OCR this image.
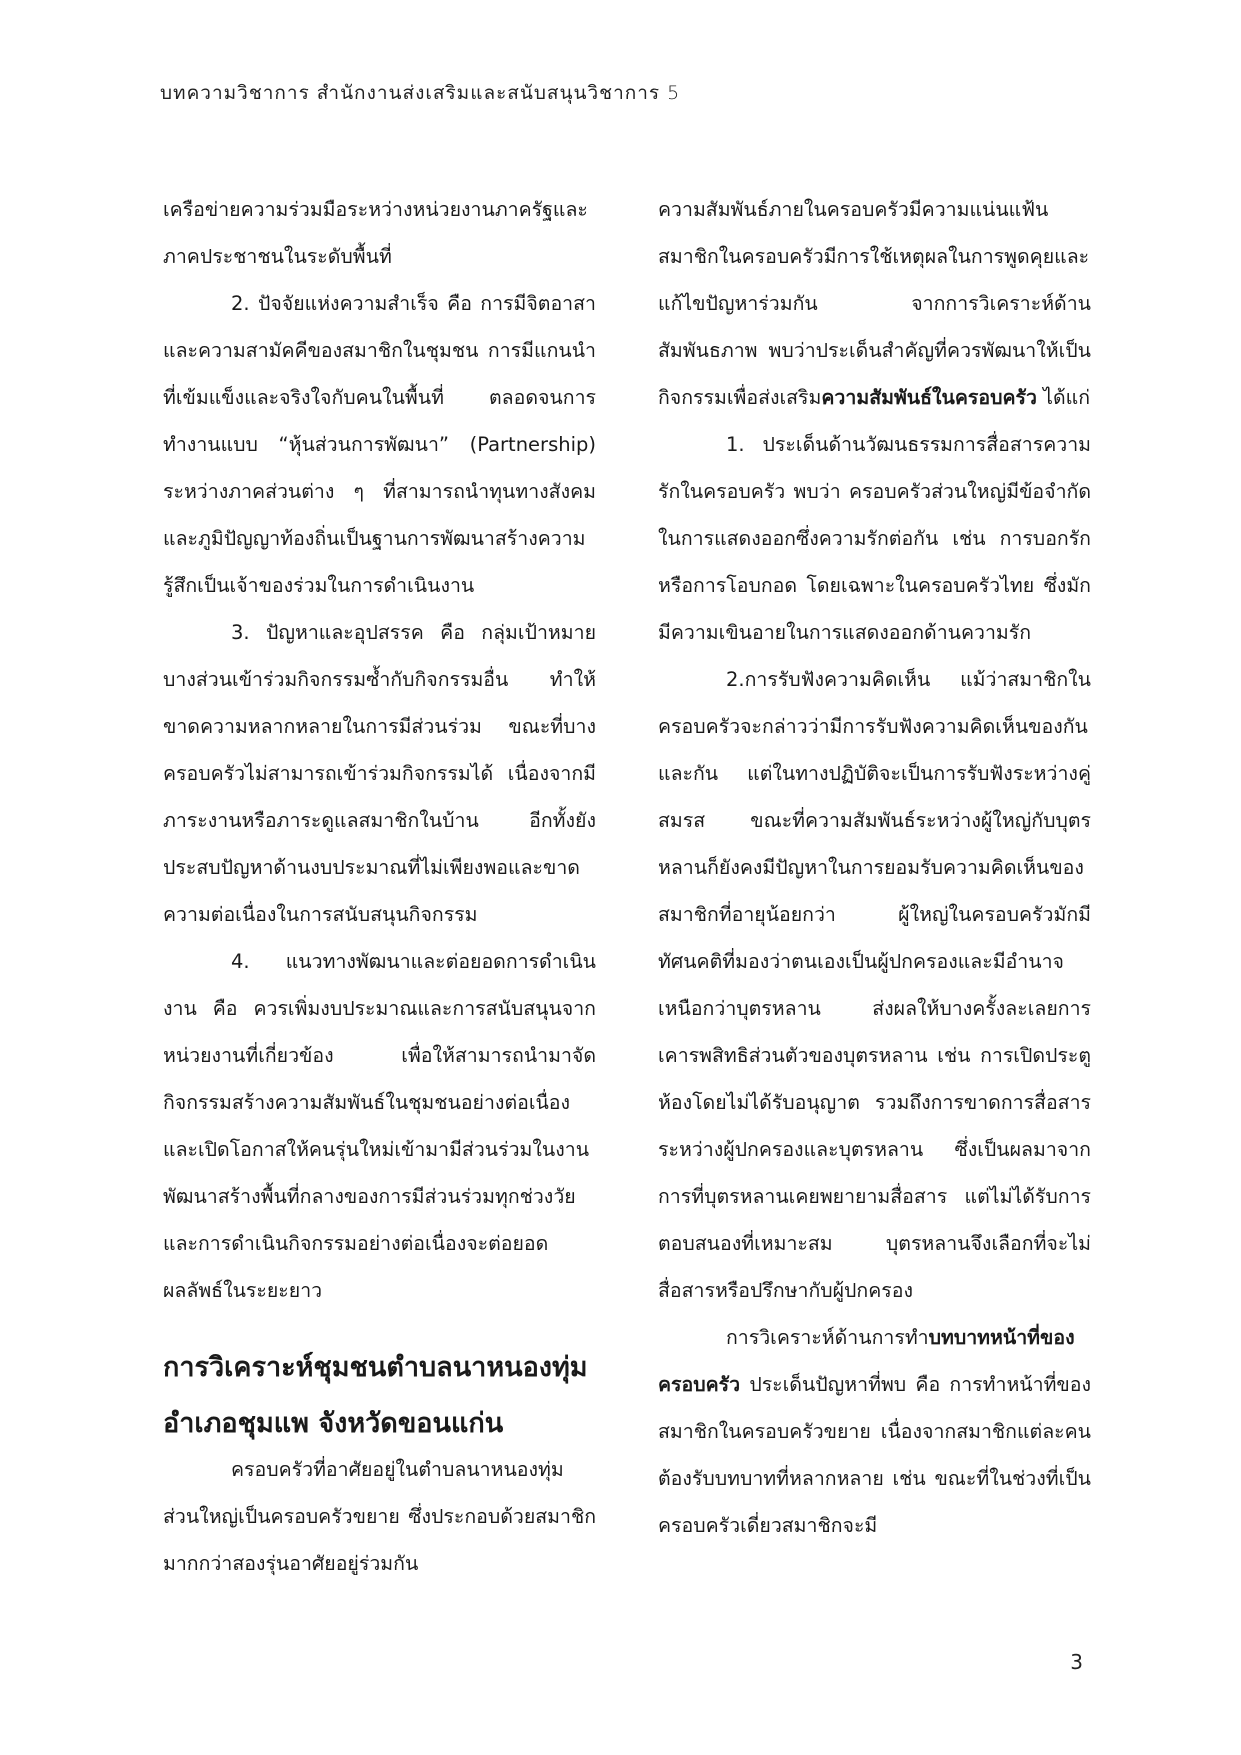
บทความวิชาการ สำนักงานส่งเสริมและสนับสนุนวิชาการ 5

เครือข่ายความร่วมมือระหว่างหน่วยงานภาครัฐและภาคประชาชนในระดับพื้นที่

2. ปัจจัยแห่งความสำเร็จ คือ การมีจิตอาสาและความสามัคคีของสมาชิกในชุมชน การมีแกนนำที่เข้มแข็งและจริงใจกับคนในพื้นที่ ตลอดจนการทำงานแบบ “หุ้นส่วนการพัฒนา” (Partnership) ระหว่างภาคส่วนต่าง ๆ ที่สามารถนำทุนทางสังคมและภูมิปัญญาท้องถิ่นเป็นฐานการพัฒนาสร้างความรู้สึกเป็นเจ้าของร่วมในการดำเนินงาน

3. ปัญหาและอุปสรรค คือ กลุ่มเป้าหมายบางส่วนเข้าร่วมกิจกรรมซ้ำกับกิจกรรมอื่น ทำให้ขาดความหลากหลายในการมีส่วนร่วม ขณะที่บางครอบครัวไม่สามารถเข้าร่วมกิจกรรมได้ เนื่องจากมีภาระงานหรือภาระดูแลสมาชิกในบ้าน อีกทั้งยังประสบปัญหาด้านงบประมาณที่ไม่เพียงพอและขาดความต่อเนื่องในการสนับสนุนกิจกรรม

4. แนวทางพัฒนาและต่อยอดการดำเนินงาน คือ ควรเพิ่มงบประมาณและการสนับสนุนจากหน่วยงานที่เกี่ยวข้อง เพื่อให้สามารถนำมาจัดกิจกรรมสร้างความสัมพันธ์ในชุมชนอย่างต่อเนื่อง และเปิดโอกาสให้คนรุ่นใหม่เข้ามามีส่วนร่วมในงานพัฒนาสร้างพื้นที่กลางของการมีส่วนร่วมทุกช่วงวัย และการดำเนินกิจกรรมอย่างต่อเนื่องจะต่อยอดผลลัพธ์ในระยะยาว

การวิเคราะห์ชุมชนตำบลนาหนองทุ่ม อำเภอชุมแพ จังหวัดขอนแก่น

ครอบครัวที่อาศัยอยู่ในตำบลนาหนองทุ่มส่วนใหญ่เป็นครอบครัวขยาย ซึ่งประกอบด้วยสมาชิกมากกว่าสองรุ่นอาศัยอยู่ร่วมกัน

ความสัมพันธ์ภายในครอบครัวมีความแน่นแฟ้น สมาชิกในครอบครัวมีการใช้เหตุผลในการพูดคุยและแก้ไขปัญหาร่วมกัน จากการวิเคราะห์ด้านสัมพันธภาพ พบว่าประเด็นสำคัญที่ควรพัฒนาให้เป็นกิจกรรมเพื่อส่งเสริมความสัมพันธ์ในครอบครัว ได้แก่

1. ประเด็นด้านวัฒนธรรมการสื่อสารความรักในครอบครัว พบว่า ครอบครัวส่วนใหญ่มีข้อจำกัดในการแสดงออกซึ่งความรักต่อกัน เช่น การบอกรักหรือการโอบกอด โดยเฉพาะในครอบครัวไทย ซึ่งมักมีความเขินอายในการแสดงออกด้านความรัก

2.การรับฟังความคิดเห็น แม้ว่าสมาชิกในครอบครัวจะกล่าวว่ามีการรับฟังความคิดเห็นของกันและกัน แต่ในทางปฏิบัติจะเป็นการรับฟังระหว่างคู่สมรส ขณะที่ความสัมพันธ์ระหว่างผู้ใหญ่กับบุตรหลานก็ยังคงมีปัญหาในการยอมรับความคิดเห็นของสมาชิกที่อายุน้อยกว่า ผู้ใหญ่ในครอบครัวมักมีทัศนคติที่มองว่าตนเองเป็นผู้ปกครองและมีอำนาจเหนือกว่าบุตรหลาน ส่งผลให้บางครั้งละเลยการเคารพสิทธิส่วนตัวของบุตรหลาน เช่น การเปิดประตูห้องโดยไม่ได้รับอนุญาต รวมถึงการขาดการสื่อสารระหว่างผู้ปกครองและบุตรหลาน ซึ่งเป็นผลมาจากการที่บุตรหลานเคยพยายามสื่อสาร แต่ไม่ได้รับการตอบสนองที่เหมาะสม บุตรหลานจึงเลือกที่จะไม่สื่อสารหรือปรึกษากับผู้ปกครอง

การวิเคราะห์ด้านการทำบทบาทหน้าที่ของครอบครัว ประเด็นปัญหาที่พบ คือ การทำหน้าที่ของสมาชิกในครอบครัวขยาย เนื่องจากสมาชิกแต่ละคนต้องรับบทบาทที่หลากหลาย เช่น ขณะที่ในช่วงที่เป็นครอบครัวเดี่ยวสมาชิกจะมี

3
